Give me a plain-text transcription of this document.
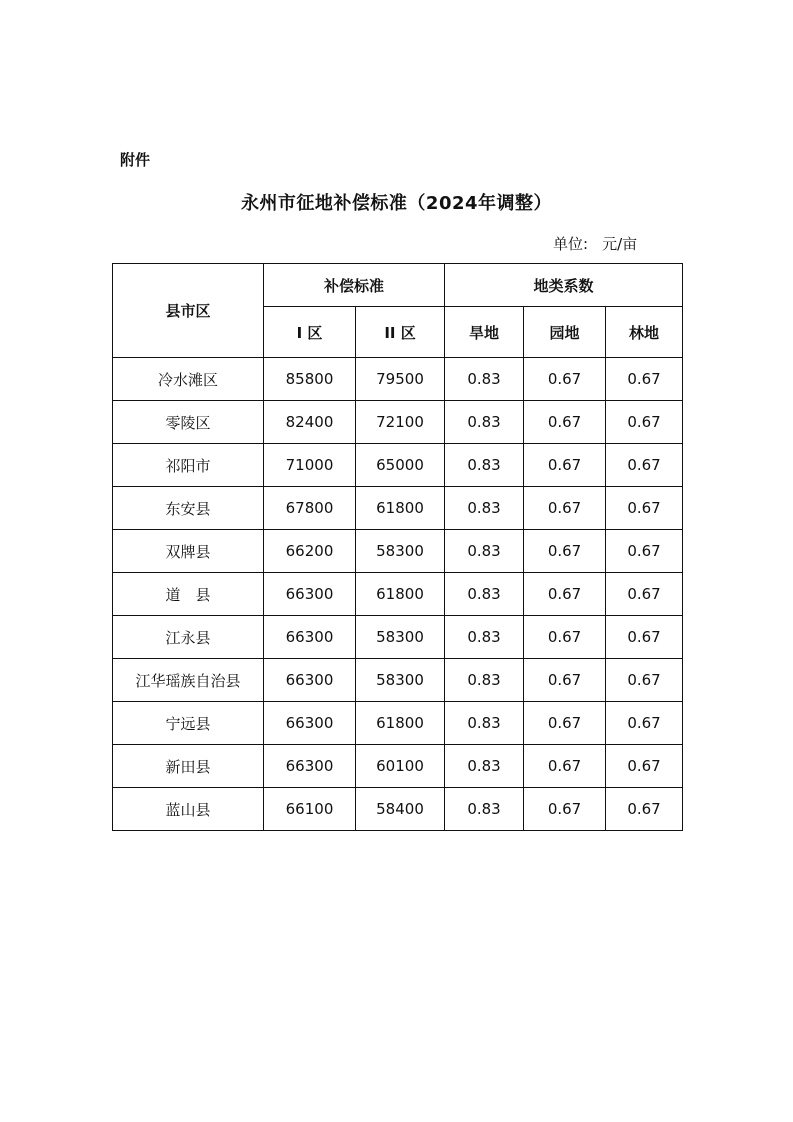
附件
永州市征地补偿标准（2024年调整）
单位: 元/亩
县市区	补偿标准		地类系数		
	I 区	II 区	旱地	园地	林地
冷水滩区	85800	79500	0.83	0.67	0.67
零陵区	82400	72100	0.83	0.67	0.67
祁阳市	71000	65000	0.83	0.67	0.67
东安县	67800	61800	0.83	0.67	0.67
双牌县	66200	58300	0.83	0.67	0.67
道　县	66300	61800	0.83	0.67	0.67
江永县	66300	58300	0.83	0.67	0.67
江华瑶族自治县	66300	58300	0.83	0.67	0.67
宁远县	66300	61800	0.83	0.67	0.67
新田县	66300	60100	0.83	0.67	0.67
蓝山县	66100	58400	0.83	0.67	0.67
